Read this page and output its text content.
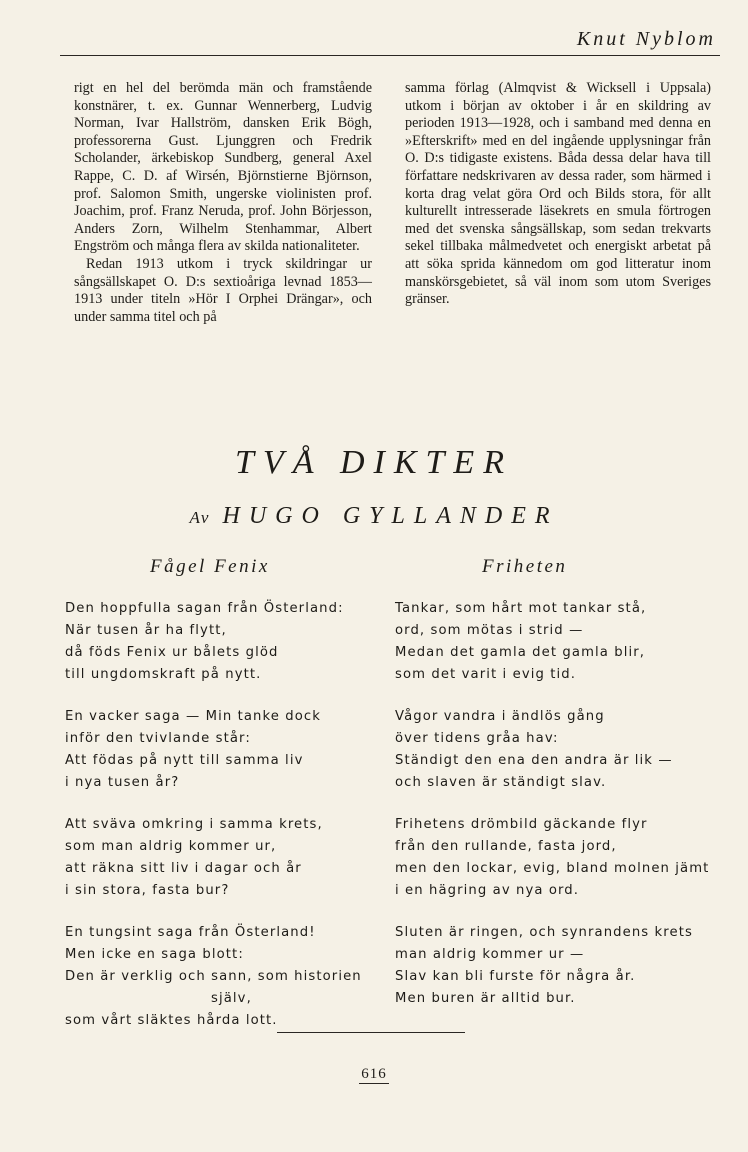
Knut Nyblom

rigt en hel del berömda män och framstående konstnärer, t. ex. Gunnar Wennerberg, Ludvig Norman, Ivar Hallström, dansken Erik Bögh, professorerna Gust. Ljunggren och Fredrik Scholander, ärkebiskop Sundberg, general Axel Rappe, C. D. af Wirsén, Björnstierne Björnson, prof. Salomon Smith, ungerske violinisten prof. Joachim, prof. Franz Neruda, prof. John Börjesson, Anders Zorn, Wilhelm Stenhammar, Albert Engström och många flera av skilda nationaliteter.

Redan 1913 utkom i tryck skildringar ur sångsällskapet O. D:s sextioåriga levnad 1853—1913 under titeln »Hör I Orphei Drängar», och under samma titel och på

samma förlag (Almqvist & Wicksell i Uppsala) utkom i början av oktober i år en skildring av perioden 1913—1928, och i samband med denna en »Efterskrift» med en del ingående upplysningar från O. D:s tidigaste existens. Båda dessa delar hava till författare nedskrivaren av dessa rader, som härmed i korta drag velat göra Ord och Bilds stora, för allt kulturellt intresserade läsekrets en smula förtrogen med det svenska sångsällskap, som sedan trekvarts sekel tillbaka målmedvetet och energiskt arbetat på att söka sprida kännedom om god litteratur inom manskörsgebietet, så väl inom som utom Sveriges gränser.

TVÅ DIKTER
Av HUGO GYLLANDER
Fågel Fenix	Friheten
Den hoppfulla sagan från Österland:
När tusen år ha flytt,
då föds Fenix ur bålets glöd
till ungdomskraft på nytt.
En vacker saga — Min tanke dock
inför den tvivlande står:
Att födas på nytt till samma liv
i nya tusen år?
Att sväva omkring i samma krets,
som man aldrig kommer ur,
att räkna sitt liv i dagar och år
i sin stora, fasta bur?
En tungsint saga från Österland!
Men icke en saga blott:
Den är verklig och sann, som historien
själv,
som vårt släktes hårda lott.
Tankar, som hårt mot tankar stå,
ord, som mötas i strid —
Medan det gamla det gamla blir,
som det varit i evig tid.
Vågor vandra i ändlös gång
över tidens gråa hav:
Ständigt den ena den andra är lik —
och slaven är ständigt slav.
Frihetens drömbild gäckande flyr
från den rullande, fasta jord,
men den lockar, evig, bland molnen jämt
i en hägring av nya ord.
Sluten är ringen, och synrandens krets
man aldrig kommer ur —
Slav kan bli furste för några år.
Men buren är alltid bur.
616
